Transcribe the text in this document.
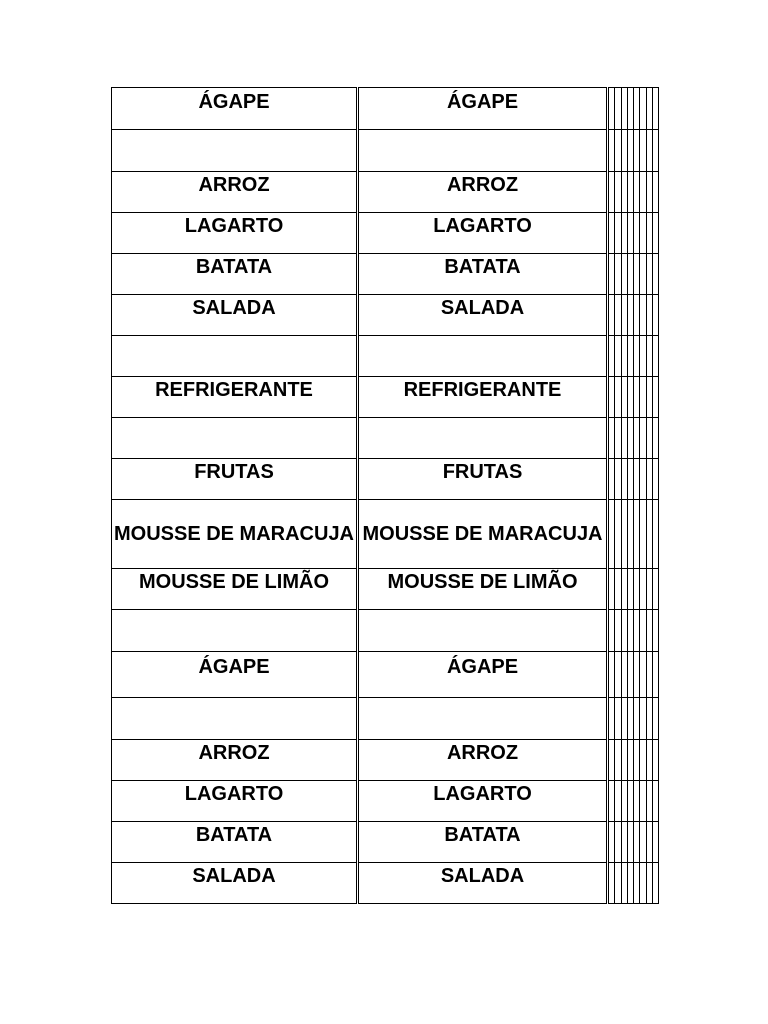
ÁGAPE	ÁGAPE	

ARROZ	ARROZ	

LAGARTO	LAGARTO	

BATATA	BATATA	

SALADA	SALADA	

REFRIGERANTE	REFRIGERANTE	

FRUTAS	FRUTAS	

MOUSSE DE MARACUJA	MOUSSE DE MARACUJA	

MOUSSE DE LIMÃO	MOUSSE DE LIMÃO	

ÁGAPE	ÁGAPE	

ARROZ	ARROZ	

LAGARTO	LAGARTO	

BATATA	BATATA	

SALADA	SALADA	
